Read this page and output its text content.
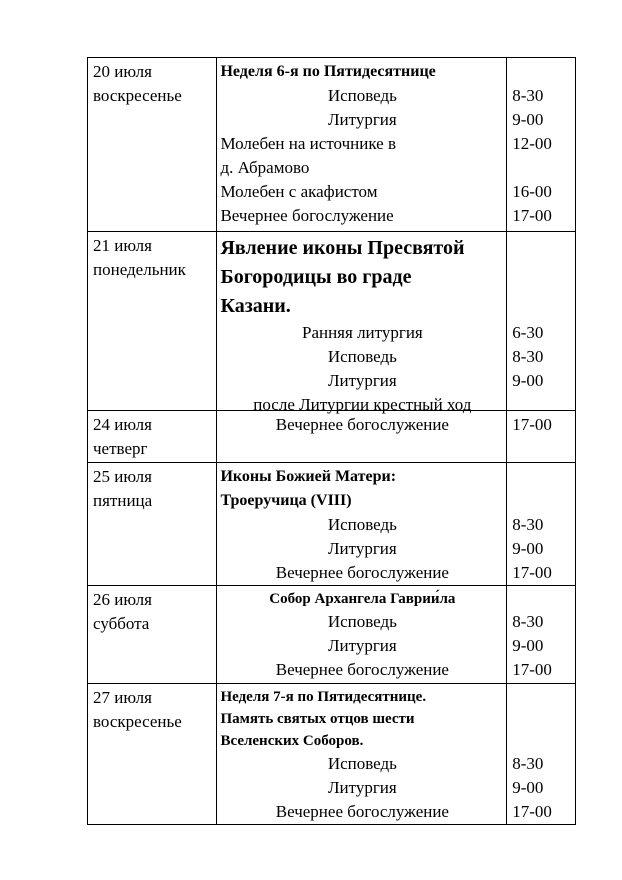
20 июля
воскресенье
Неделя 6-я по Пятидесятнице
Исповедь
Литургия
Молебен на источнике в
д. Абрамово
Молебен с акафистом
Вечернее богослужение
8-30
9-00
12-00
16-00
17-00
21 июля
понедельник
Явление иконы Пресвятой
Богородицы во граде
Казани.
Ранняя литургия
Исповедь
Литургия
после Литургии крестный ход
6-30
8-30
9-00
24 июля
четверг
Вечернее богослужение	17-00
25 июля
пятница
Иконы Божией Матери:
Троеручица (VIII)
Исповедь
Литургия
Вечернее богослужение
8-30
9-00
17-00
26 июля
суббота
Собор Архангела Гаврии́ла
Исповедь
Литургия
Вечернее богослужение
8-30
9-00
17-00
27 июля
воскресенье
Неделя 7-я по Пятидесятнице.
Память святых отцов шести
Вселенских Соборов.
Исповедь
Литургия
Вечернее богослужение
8-30
9-00
17-00
